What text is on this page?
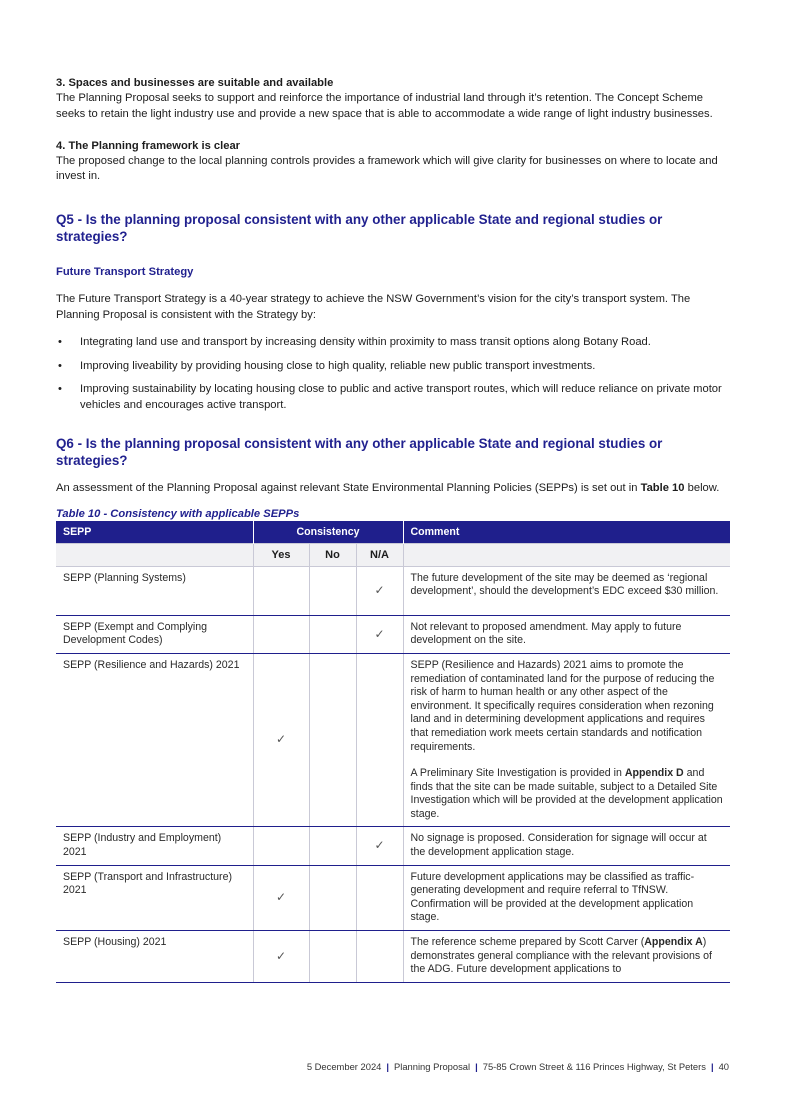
3. Spaces and businesses are suitable and available

The Planning Proposal seeks to support and reinforce the importance of industrial land through it’s retention. The Concept Scheme seeks to retain the light industry use and provide a new space that is able to accommodate a wide range of light industry businesses.

4. The Planning framework is clear

The proposed change to the local planning controls provides a framework which will give clarity for businesses on where to locate and invest in.

Q5 - Is the planning proposal consistent with any other applicable State and regional studies or strategies?

Future Transport Strategy

The Future Transport Strategy is a 40-year strategy to achieve the NSW Government’s vision for the city’s transport system. The Planning Proposal is consistent with the Strategy by:

• Integrating land use and transport by increasing density within proximity to mass transit options along Botany Road.
• Improving liveability by providing housing close to high quality, reliable new public transport investments.
• Improving sustainability by locating housing close to public and active transport routes, which will reduce reliance on private motor vehicles and encourages active transport.

Q6 - Is the planning proposal consistent with any other applicable State and regional studies or strategies?

An assessment of the Planning Proposal against relevant State Environmental Planning Policies (SEPPs) is set out in Table 10 below.

Table 10 - Consistency with applicable SEPPs

SEPP	Consistency			Comment
	Yes	No	N/A	
SEPP (Planning Systems)			✓	The future development of the site may be deemed as ‘regional development’, should the development’s EDC exceed $30 million.
SEPP (Exempt and Complying Development Codes)			✓	Not relevant to proposed amendment. May apply to future development on the site.
SEPP (Resilience and Hazards) 2021	✓			SEPP (Resilience and Hazards) 2021 aims to promote the remediation of contaminated land for the purpose of reducing the risk of harm to human health or any other aspect of the environment. It specifically requires consideration when rezoning land and in determining development applications and requires that remediation work meets certain standards and notification requirements.
A Preliminary Site Investigation is provided in Appendix D and finds that the site can be made suitable, subject to a Detailed Site Investigation which will be provided at the development application stage.

SEPP (Industry and Employment) 2021			✓	No signage is proposed. Consideration for signage will occur at the development application stage.
SEPP (Transport and Infrastructure) 2021	✓			Future development applications may be classified as traffic-generating development and require referral to TfNSW. Confirmation will be provided at the development application stage.
SEPP (Housing) 2021	✓			The reference scheme prepared by Scott Carver (Appendix A) demonstrates general compliance with the relevant provisions of the ADG. Future development applications to
5 December 2024 | Planning Proposal | 75-85 Crown Street & 116 Princes Highway, St Peters | 40
